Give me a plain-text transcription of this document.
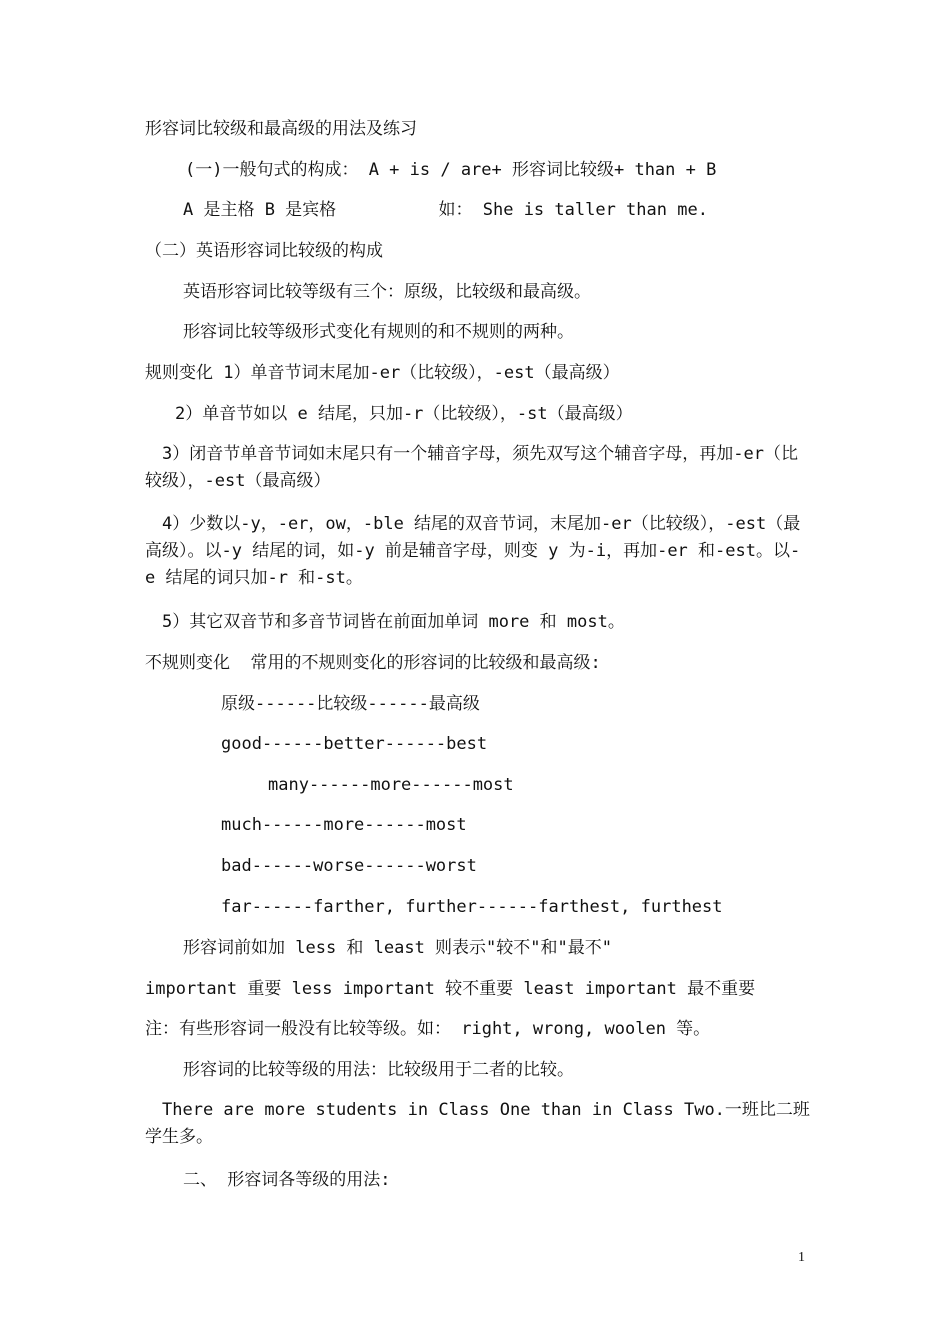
形容词比较级和最高级的用法及练习
(一)一般句式的构成： A + is / are+ 形容词比较级+ than + B
A 是主格 B 是宾格          如： She is taller than me.
（二）英语形容词比较级的构成
英语形容词比较等级有三个：原级，比较级和最高级。
形容词比较等级形式变化有规则的和不规则的两种。
规则变化 1）单音节词末尾加-er（比较级），-est（最高级）
2）单音节如以 e 结尾，只加-r（比较级），-st（最高级）
3）闭音节单音节词如末尾只有一个辅音字母，须先双写这个辅音字母，再加-er（比较级），-est（最高级）
4）少数以-y，-er，ow，-ble 结尾的双音节词，末尾加-er（比较级），-est（最高级）。以-y 结尾的词，如-y 前是辅音字母，则变 y 为-i，再加-er 和-est。以-e 结尾的词只加-r 和-st。
5）其它双音节和多音节词皆在前面加单词 more 和 most。
不规则变化  常用的不规则变化的形容词的比较级和最高级:
原级------比较级------最高级
good------better------best
many------more------most
much------more------most
bad------worse------worst
far------farther, further------farthest, furthest
形容词前如加 less 和 least 则表示"较不"和"最不"
important 重要 less important 较不重要 least important 最不重要
注：有些形容词一般没有比较等级。如： right, wrong, woolen 等。
形容词的比较等级的用法：比较级用于二者的比较。
There are more students in Class One than in Class Two.一班比二班学生多。
二、 形容词各等级的用法:
1
